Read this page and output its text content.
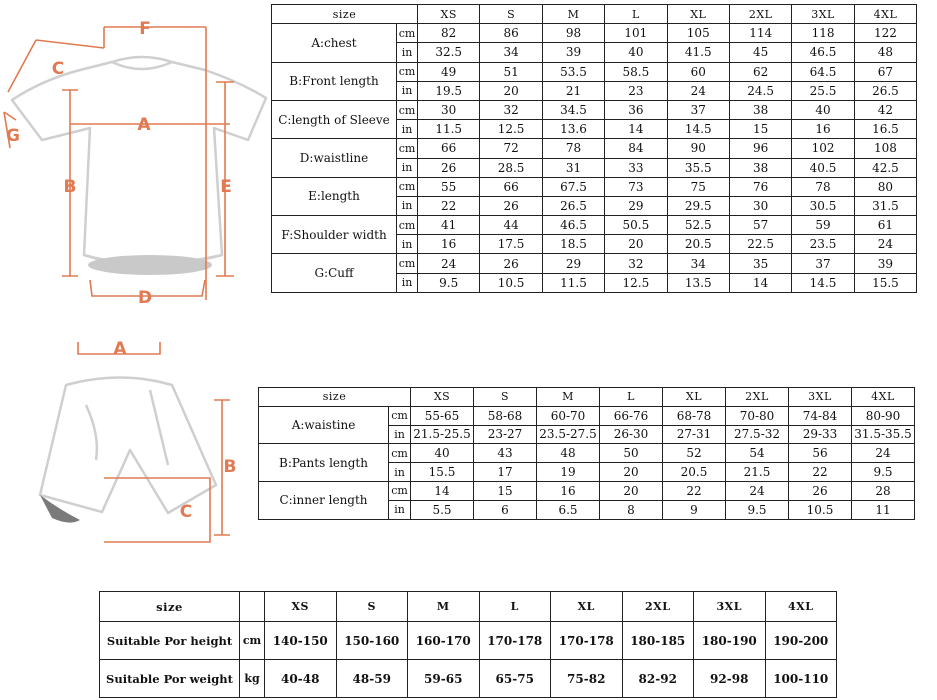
F
C
G
A
B	E
D
size		XS	S	M	L	XL	2XL	3XL	4XL
A:chest	cm	82	86	98	101	105	114	118	122
	in	32.5	34	39	40	41.5	45	46.5	48
B:Front length	cm	49	51	53.5	58.5	60	62	64.5	67
	in	19.5	20	21	23	24	24.5	25.5	26.5
C:length of Sleeve	cm	30	32	34.5	36	37	38	40	42
	in	11.5	12.5	13.6	14	14.5	15	16	16.5
D:waistline	cm	66	72	78	84	90	96	102	108
	in	26	28.5	31	33	35.5	38	40.5	42.5
E:length	cm	55	66	67.5	73	75	76	78	80
	in	22	26	26.5	29	29.5	30	30.5	31.5
F:Shoulder width	cm	41	44	46.5	50.5	52.5	57	59	61
	in	16	17.5	18.5	20	20.5	22.5	23.5	24
G:Cuff	cm	24	26	29	32	34	35	37	39
	in	9.5	10.5	11.5	12.5	13.5	14	14.5	15.5
A
B
C
size		XS	S	M	L	XL	2XL	3XL	4XL
A:waistine	cm	55-65	58-68	60-70	66-76	68-78	70-80	74-84	80-90
	in	21.5-25.5	23-27	23.5-27.5	26-30	27-31	27.5-32	29-33	31.5-35.5
B:Pants length	cm	40	43	48	50	52	54	56	24
	in	15.5	17	19	20	20.5	21.5	22	9.5
C:inner length	cm	14	15	16	20	22	24	26	28
	in	5.5	6	6.5	8	9	9.5	10.5	11
size		XS	S	M	L	XL	2XL	3XL	4XL
Suitable Por height	cm	140-150	150-160	160-170	170-178	170-178	180-185	180-190	190-200
Suitable Por weight	kg	40-48	48-59	59-65	65-75	75-82	82-92	92-98	100-110
